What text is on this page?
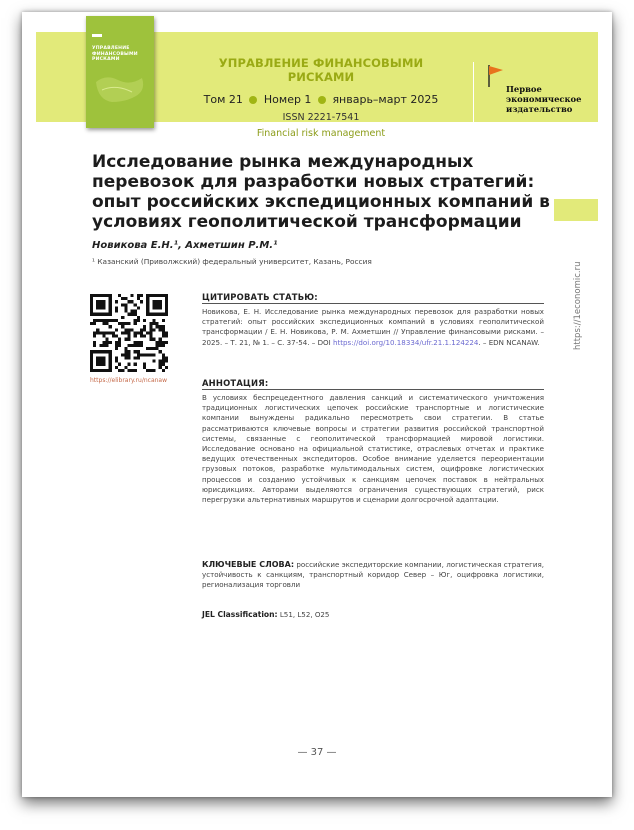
УПРАВЛЕНИЕ ФИНАНСОВЫМИ РИСКАМИ
Том 21 Номер 1 январь–март 2025
ISSN 2221-7541
Financial risk management
Первое
экономическое
издательство
УПРАВЛЕНИЕ ФИНАНСОВЫМИ РИСКАМИ
Исследование рынка международных перевозок для разработки новых стратегий: опыт российских экспедиционных компаний в условиях геополитической трансформации
Новикова Е.Н.¹, Ахметшин Р.М.¹
¹ Казанский (Приволжский) федеральный университет, Казань, Россия
https://1economic.ru
https://elibrary.ru/ncanaw
ЦИТИРОВАТЬ СТАТЬЮ:
Новикова, Е. Н. Исследование рынка международных перевозок для разработки новых стратегий: опыт российских экспедиционных компаний в условиях геополитической трансформации / Е. Н. Новикова, Р. М. Ахметшин // Управление финансовыми рисками. – 2025. – Т. 21, № 1. – С. 37-54. – DOI https://doi.org/10.18334/ufr.21.1.124224. – EDN NCANAW.
АННОТАЦИЯ:
В условиях беспрецедентного давления санкций и систематического уничтожения традиционных логистических цепочек российские транспортные и логистические компании вынуждены радикально пересмотреть свои стратегии. В статье рассматриваются ключевые вопросы и стратегии развития российской транспортной системы, связанные с геополитической трансформацией мировой логистики. Исследование основано на официальной статистике, отраслевых отчетах и практике ведущих отечественных экспедиторов. Особое внимание уделяется переориентации грузовых потоков, разработке мультимодальных систем, оцифровке логистических процессов и созданию устойчивых к санкциям цепочек поставок в нейтральных юрисдикциях. Авторами выделяются ограничения существующих стратегий, риск перегрузки альтернативных маршрутов и сценарии долгосрочной адаптации.
КЛЮЧЕВЫЕ СЛОВА: российские экспедиторские компании, логистическая стратегия, устойчивость к санкциям, транспортный коридор Север – Юг, оцифровка логистики, регионализация торговли
JEL Classification: L51, L52, O25
— 37 —
